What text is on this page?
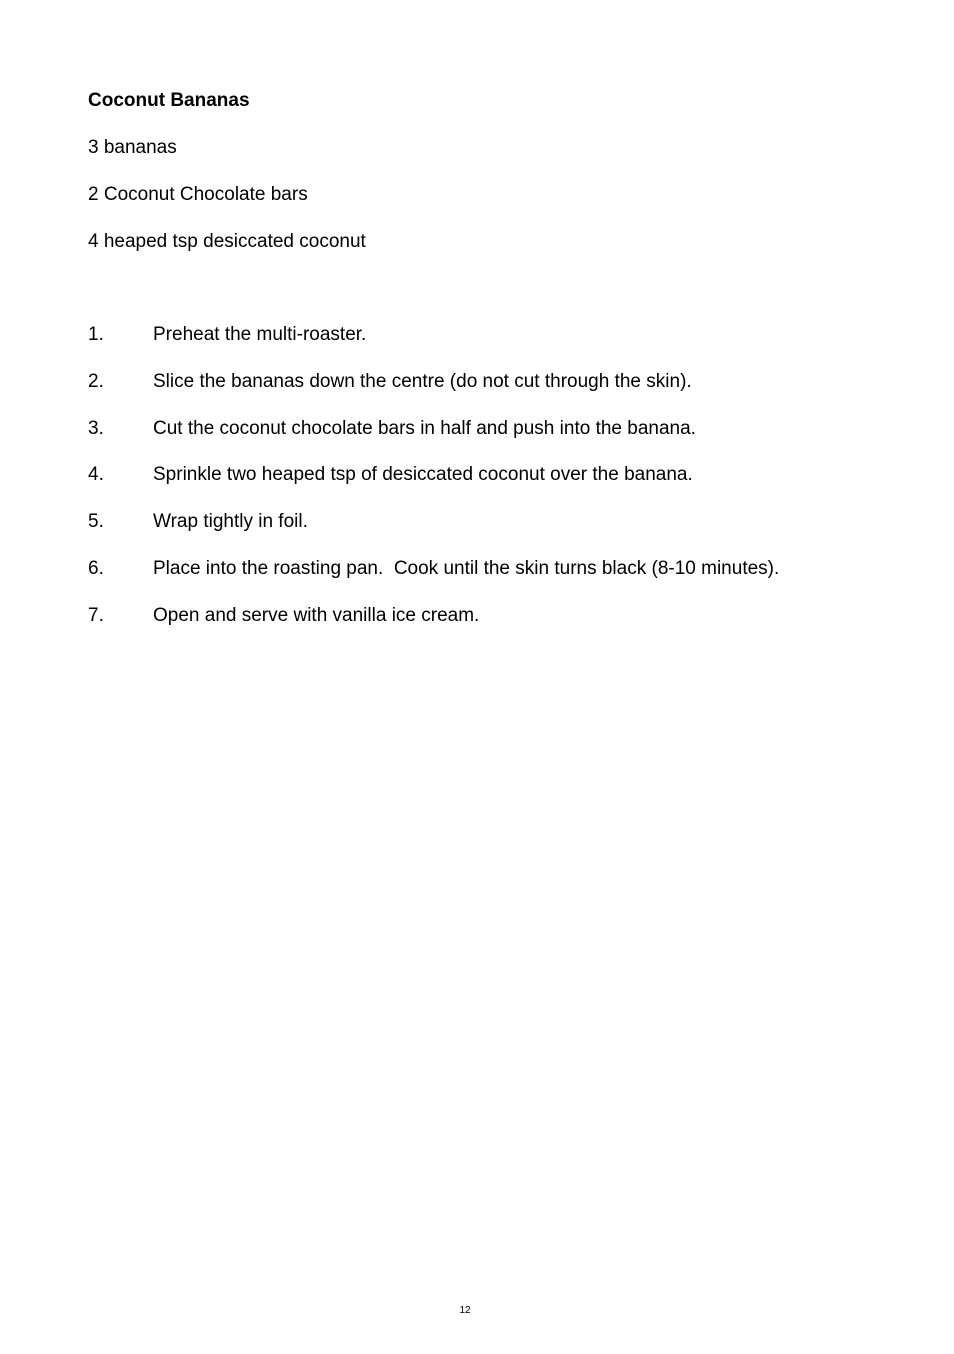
Coconut Bananas
3 bananas
2 Coconut Chocolate bars
4 heaped tsp desiccated coconut
1.	Preheat the multi-roaster.
2.	Slice the bananas down the centre (do not cut through the skin).
3.	Cut the coconut chocolate bars in half and push into the banana.
4.	Sprinkle two heaped tsp of desiccated coconut over the banana.
5.	Wrap tightly in foil.
6.	Place into the roasting pan.  Cook until the skin turns black (8-10 minutes).
7.	Open and serve with vanilla ice cream.
12
